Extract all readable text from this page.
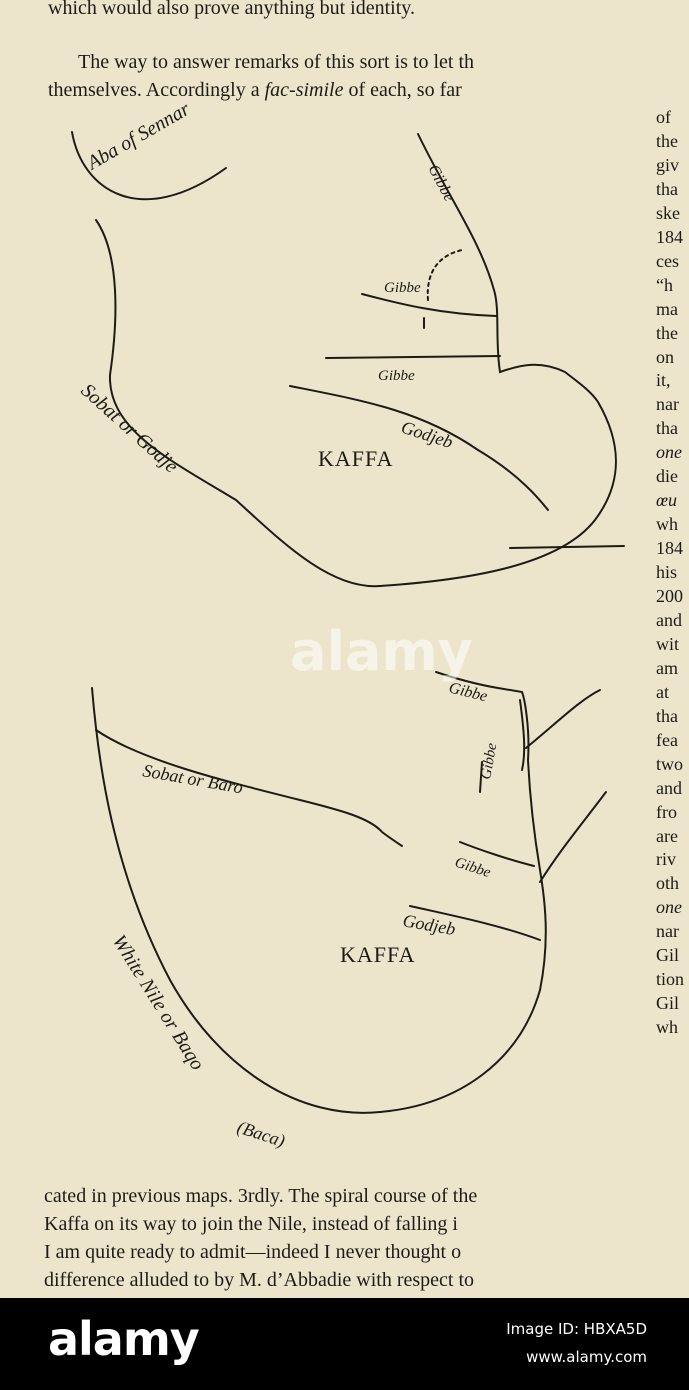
which would also prove anything but identity.
The way to answer remarks of this sort is to let th
themselves. Accordingly a fac-simile of each, so far
of
the
giv
tha
ske
184
ces
“h
ma
the
on
it,
nar
tha
one
die
œu
wh
184
his
200
and
wit
am
at
tha
fea
two
and
fro
are
riv
oth
one
nar
Gil
tion
Gil
wh
Aba of Sennar
Gibbe
Gibbe
Gibbe
Godjeb
KAFFA
Sobat or Godje
Gibbe
Gibbe
Sobat or Baro
Gibbe
Godjeb
KAFFA
White Nile or Baqo
(Baca)
alamy
cated in previous maps. 3rdly. The spiral course of the
Kaffa on its way to join the Nile, instead of falling i
I am quite ready to admit—indeed I never thought o
difference alluded to by M. d’Abbadie with respect to
alamy	Image ID: HBXA5D
www.alamy.com
